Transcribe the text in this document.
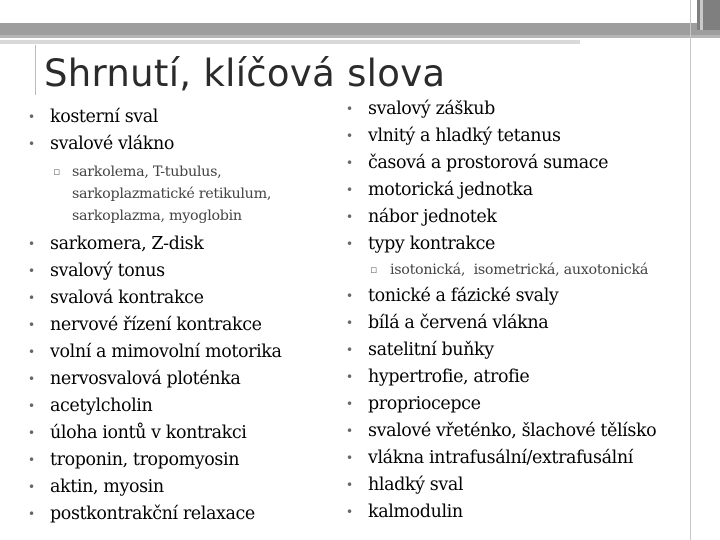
Shrnutí, klíčová slova
• kosterní sval
• svalové vlákno
▫ sarkolema, T-tubulus,
sarkoplazmatické retikulum,
sarkoplazma, myoglobin
• sarkomera, Z-disk
• svalový tonus
• svalová kontrakce
• nervové řízení kontrakce
• volní a mimovolní motorika
• nervosvalová ploténka
• acetylcholin
• úloha iontů v kontrakci
• troponin, tropomyosin
• aktin, myosin
• postkontrakční relaxace
• svalový záškub
• vlnitý a hladký tetanus
• časová a prostorová sumace
• motorická jednotka
• nábor jednotek
• typy kontrakce
▫ isotonická,  isometrická, auxotonická
• tonické a fázické svaly
• bílá a červená vlákna
• satelitní buňky
• hypertrofie, atrofie
• propriocepce
• svalové vřeténko, šlachové tělísko
• vlákna intrafusální/extrafusální
• hladký sval
• kalmodulin
